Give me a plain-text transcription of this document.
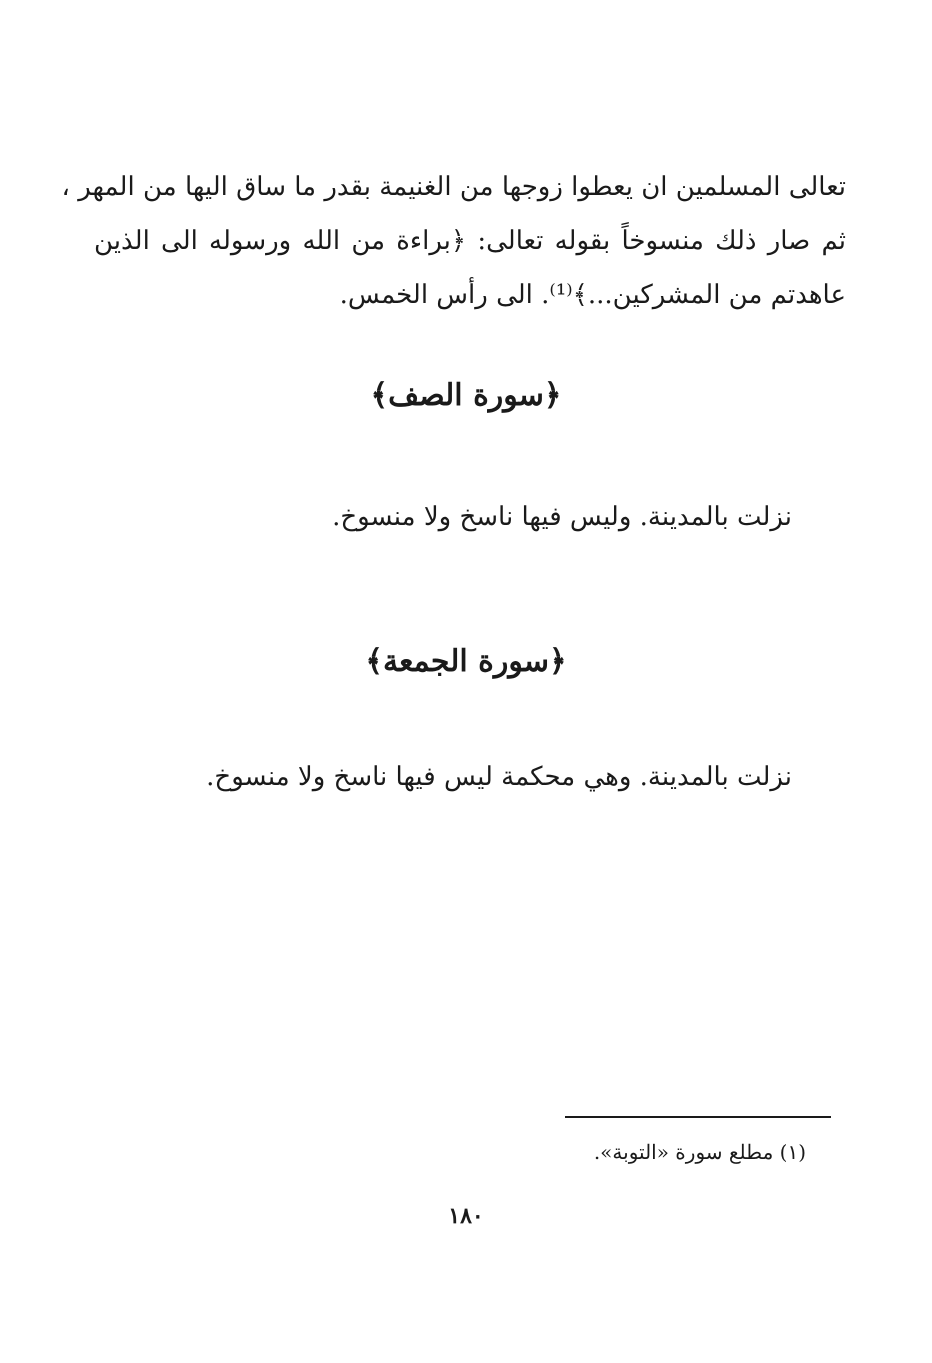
تعالى المسلمين ان يعطوا زوجها من الغنيمة بقدر ما ساق اليها من المهر ،
ثم صار ذلك منسوخاً بقوله تعالى: ﴿براءة من الله ورسوله الى الذين
عاهدتم من المشركين...﴾⁽¹⁾. الى رأس الخمس.
﴿سورة الصف﴾

نزلت بالمدينة. وليس فيها ناسخ ولا منسوخ.

﴿سورة الجمعة﴾

نزلت بالمدينة. وهي محكمة ليس فيها ناسخ ولا منسوخ.

(١) مطلع سورة «التوبة».

١٨٠
